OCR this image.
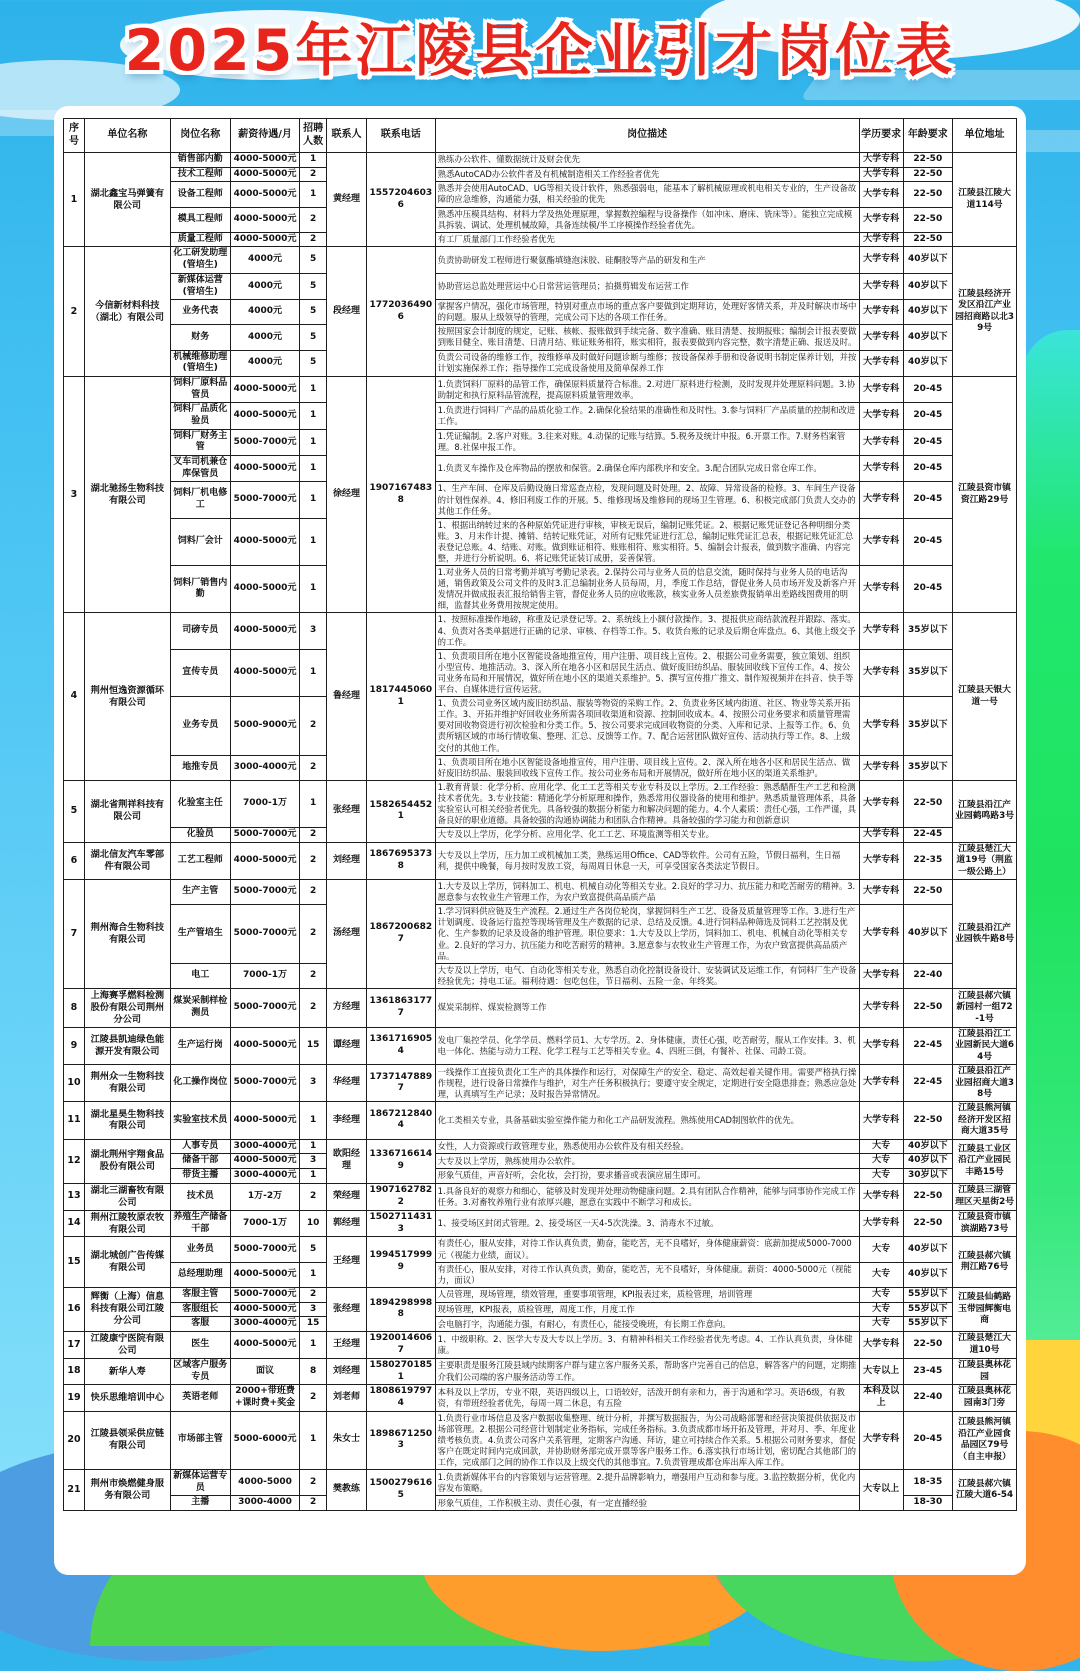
2025年江陵县企业引才岗位表
序号	单位名称	岗位名称	薪资待遇/月	招聘人数	联系人	联系电话	岗位描述	学历要求	年龄要求	单位地址
1	湖北鑫宝马弹簧有限公司	销售部内勤	4000-5000元	1	黄经理	15572046036	熟练办公软件、懂数据统计及财会优先	大学专科	22-50	江陵县江陵大道114号
		技术工程师	4000-5000元	2			熟悉AutoCAD办公软件者及有机械制造相关工作经验者优先	大学专科	22-50	
		设备工程师	4000-5000元	1			熟悉并会使用AutoCAD、UG等相关设计软件，熟悉强弱电，能基本了解机械原理或机电相关专业的，生产设备故障的应急维修，沟通能力强，相关经验的优先	大学专科	22-50	
		模具工程师	4000-5000元	2			熟悉冲压模具结构、材料力学及热处理原理，掌握数控编程与设备操作（如冲床、磨床、铣床等）。能独立完成模具拆装、调试、处理机械故障，具备连续模/半工序模操作经验者优先。	大学专科	22-50	
		质量工程师	4000-5000元	2			有工厂质量部门工作经验者优先	大学专科	22-50	
2	今信新材料科技（湖北）有限公司	化工研发助理(管培生)	4000元	5	段经理	17720364906	负责协助研发工程师进行聚氨酯填缝泡沫胶、硅酮胶等产品的研发和生产	大学专科	40岁以下	江陵县经济开发区沿江产业园招商路以北39号
		新媒体运营(管培生)	4000元	5			协助营运总监处理营运中心日常营运管理员；拍摄剪辑发布运营工作	大学专科	40岁以下	
		业务代表	4000元	5			掌握客户情况，强化市场管理，特别对重点市场的重点客户要做到定期拜访，处理好客情关系，并及时解决市场中的问题。服从上级领导的管理，完成公司下达的各项工作任务。	大学专科	40岁以下	
		财务	4000元	5			按照国家会计制度的规定，记账、核帐、报账做到手续完备、数字准确、账目清楚、按期报账；编制会计报表要做到账目健全、账目清楚、日清月结、账证账务相符，账实相符，报表要做到内容完整，数字清楚正确、报送及时。	大学专科	40岁以下	
		机械维修助理(管培生)	4000元	5			负责公司设备的维修工作，按维修单及时做好问题诊断与维修；按设备保养手册和设备说明书制定保养计划，并按计划实施保养工作；指导操作工完成设备使用及简单保养工作	大学专科	40岁以下	
3	湖北驰扬生物科技有限公司	饲料厂原料品管员	4000-5000元	1	徐经理	19071674838	1.负责饲料厂原料的品管工作，确保原料质量符合标准。2.对进厂原料进行检测，及时发现并处理原料问题。3.协助制定和执行原料品管流程，提高原料质量管理效率。	大学专科	20-45	江陵县资市镇资江路29号
		饲料厂品质化验员	4000-5000元	1			1.负责进行饲料厂产品的品质化验工作。2.确保化验结果的准确性和及时性。3.参与饲料厂产品质量的控制和改进工作。	大学专科	20-45	
		饲料厂财务主管	5000-7000元	1			1.凭证编制。2.客户对账。3.往来对账。4.动保的记账与结算。5.税务及统计申报。6.开票工作。7.财务档案管理。8.社保申报工作。	大学专科	20-45	
		叉车司机兼仓库保管员	4000-5000元	1			1.负责叉车操作及仓库物品的摆放和保管。2.确保仓库内部秩序和安全。3.配合团队完成日常仓库工作。	大学专科	20-45	
		饲料厂机电修工	5000-7000元	1			1、生产车间、仓库及后勤设施日常巡查点检，发现问题及时处理。2、故障、异常设备的检修。3、车间生产设备的计划性保养。4、修旧利废工作的开展。5、维修现场及维修间的现场卫生管理。6、积极完成部门负责人交办的其他工作任务。	大学专科	20-45	
		饲料厂会计	4000-5000元	1			1、根据出纳转过来的各种原始凭证进行审核，审核无误后，编制记账凭证。2、根据记账凭证登记各种明细分类账。3、月末作计提、摊销、结转记账凭证，对所有记账凭证进行汇总，编制记账凭证汇总表，根据记账凭证汇总表登记总账。4、结账、对账。做到账证相符、账账相符、账实相符。5、编制会计报表，做到数字准确、内容完整，并进行分析说明。6、将记账凭证装订成册，妥善保管。	大学专科	20-45	
		饲料厂销售内勤	4000-5000元	1			1.对业务人员的日常考勤并填写考勤记录表。2.保持公司与业务人员的信息交流，随时保持与业务人员的电话沟通，销售政策及公司文件的及时3.汇总编制业务人员每周，月，季度工作总结，督促业务人员市场开发及新客户开发情况并做成报表汇报给销售主管，督促业务人员的应收账款，核实业务人员差旅费报销单出差路线图费用的明细，监督其业务费用按规定使用。	大学专科	20-45	
4	荆州恒逸资源循环有限公司	司磅专员	4000-5000元	3	鲁经理	18174450601	1、按照标准操作地磅，称重及记录登记等。2、系统线上小额付款操作。3、提报供应商结款流程并跟踪、落实。4、负责对各类单据进行正确的记录、审核、存档等工作。5、收货台账的记录及后期仓库盘点。6、其他上级交予的工作。	大学专科	35岁以下	江陵县天银大道一号
		宣传专员	4000-5000元	1			1、负责项目所在地小区智能设备地推宣传，用户注册、项目线上宣传。2、根据公司业务需要，独立策划、组织小型宣传、地推活动。3、深入所在地各小区和居民生活点、做好废旧纺织品、服装回收线下宣传工作。4、按公司业务布局和开展情况，做好所在地小区的渠道关系维护。5、撰写宣传推广推文、制作短视频并在抖音、快手等平台、自媒体进行宣传运营。	大学专科	35岁以下	
		业务专员	5000-9000元	2			1、负责公司业务区域内废旧纺织品、服装等物资的采购工作。2、负责业务区域内街道、社区、物业等关系开拓工作。3、开拓并维护好回收业务所需各项回收渠道和资源、控制回收成本。4、按照公司业务要求和质量管理需要对回收物资进行初次检验和分类工作。5、按公司要求完成回收物资的分类、入库和记录、上报等工作。6、负责所辖区域的市场行情收集、整理、汇总、反馈等工作。7、配合运营团队做好宣传、活动执行等工作。8、上级交付的其他工作。	大学专科	35岁以下	
		地推专员	3000-4000元	2			1、负责项目所在地小区智能设备地推宣传，用户注册、项目线上宣传。2、深入所在地各小区和居民生活点、做好废旧纺织品、服装回收线下宣传工作。按公司业务布局和开展情况，做好所在地小区的渠道关系维护。	大学专科	35岁以下	
5	湖北省荆祥科技有限公司	化验室主任	7000-1万	1	张经理	15826544521	1.教育背景：化学分析、应用化学、化工工艺等相关专业专科及以上学历。2.工作经验：熟悉醋酐生产工艺和检测技术者优先。3.专业技能：精通化学分析原理和操作，熟悉常用仪器设备的使用和维护。熟悉质量管理体系，具备实验室认可相关经验者优先。具备较强的数据分析能力和解决问题的能力。4.个人素质：责任心强，工作严谨，具备良好的职业道德。具备较强的沟通协调能力和团队合作精神。具备较强的学习能力和创新意识	大学专科	22-50	江陵县沿江产业园鹤鸣路3号
		化验员	5000-7000元	2			大专及以上学历，化学分析、应用化学、化工工艺、环境监测等相关专业。	大学专科	22-45	
6	湖北信友汽车零部件有限公司	工艺工程师	4000-5000元	2	刘经理	18676953738	大专及以上学历，压力加工或机械加工类，熟练运用Office、CAD等软件。公司有五险，节假日福利，生日福利，提供中晚餐，每月按时发放工资，每周周日休息一天，可享受国家各类法定节假日。	大学专科	22-35	江陵县楚江大道19号（荆监一级公路上）
7	荆州海合生物科技有限公司	生产主管	5000-7000元	2	汤经理	18672006827	1.大专及以上学历，饲料加工、机电、机械自动化等相关专业。2.良好的学习力、抗压能力和吃苦耐劳的精神。3.愿意参与农牧业生产管理工作，为农户致富提供高品质产品	大学专科	22-50	江陵县沿江产业园铁牛路8号
		生产管培生	5000-7000元	2			1.学习饲料供应链及生产流程。2.通过生产各岗位轮岗，掌握饲料生产工艺、设备及质量管理等工作。3.进行生产计划调度、设备运行监控等现场管理及生产数据的记录、总结及反馈。4.进行饲料品种筛选及饲料工艺控制及优化、生产参数的记录及设备的维护管理。职位要求：1.大专及以上学历，饲料加工、机电、机械自动化等相关专业。2.良好的学习力、抗压能力和吃苦耐劳的精神。3.愿意参与农牧业生产管理工作，为农户致富提供高品质产品。	大学专科	40岁以下	
		电工	7000-1万	2			大专及以上学历，电气、自动化等相关专业，熟悉自动化控制设备设计、安装调试及运维工作，有饲料厂生产设备经验优先；持电工证。福利待遇：包吃包住，节日福利、五险一金、年终奖。	大学专科	22-40	
8	上海赛孚燃料检测股份有限公司荆州分公司	煤炭采制样检测员	5000-7000元	2	方经理	13618631777	煤炭采制样、煤炭检测等工作	大学专科	22-50	江陵县郝穴镇新园村一组72-1号
9	江陵县凯迪绿色能源开发有限公司	生产运行岗	4000-5000元	15	谭经理	13617169054	发电厂集控学员、化学学员、燃料学员1、大专学历。2、身体健康，责任心强，吃苦耐劳，服从工作安排。3、机电一体化、热能与动力工程、化学工程与工艺等相关专业。4、四班三倒，有餐补、社保、司龄工资。	大学专科	22-45	江陵县沿江工业园新民大道64号
10	荆州众一生物科技有限公司	化工操作岗位	5000-7000元	3	华经理	17371478897	一线操作工直接负责化工生产的具体操作和运行，对保障生产的安全、稳定、高效起着关键作用。需要严格执行操作规程，进行设备日常操作与维护，对生产任务积极执行；要遵守安全规定，定期进行安全隐患排查；熟悉应急处理，认真填写生产记录；及时报告异常情况。	大学专科	22-45	江陵县沿江产业园招商大道38号
11	湖北星昊生物科技有限公司	实验室技术员	4000-5000元	1	李经理	18672128404	化工类相关专业，具备基础实验室操作能力和化工产品研发流程。熟练使用CAD制图软件的优先。	大学专科	22-50	江陵县熊河镇经济开发区招商大道35号
12	湖北荆州宇翔食品股份有限公司	人事专员	3000-4000元	1	欧阳经理	13367166149	女性，人力资源或行政管理专业，熟悉使用办公软件及有相关经验。	大专	40岁以下	江陵县工业区沿江产业园民丰路15号
		储备干部	4000-5000元	3			大专及以上学历，熟练使用办公软件。	大专	40岁以下	
		带货主播	3000-4000元	1			形象气质佳，声音好听，会化妆，会打扮，要求播音或表演应届生即可。	大专	30岁以下	
13	湖北三湖畜牧有限公司	技术员	1万-2万	2	荣经理	19071627822	1.具备良好的观察力和细心，能够及时发现并处理动物健康问题。2.具有团队合作精神，能够与同事协作完成工作任务。3.对畜牧养殖行业有浓厚兴趣，愿意在实践中不断学习和成长。	大学专科	22-50	江陵县三湖管理区天星街2号
14	荆州江陵牧原农牧有限公司	养殖生产储备干部	7000-1万	10	郭经理	15027114313	1、接受场区封闭式管理。2、接受场区一天4-5次洗澡。3、消毒水不过敏。	大学专科	22-50	江陵县资市镇滨湖路73号
15	湖北城创广告传媒有限公司	业务员	5000-7000元	5	王经理	19945179999	有责任心，服从安排，对待工作认真负责，勤奋，能吃苦，无不良嗜好，身体健康薪资：底薪加提成5000-7000元（视能力业绩，面议）。	大专	40岁以下	江陵县郝穴镇荆江路76号
		总经理助理	4000-5000元	1			有责任心，服从安排，对待工作认真负责，勤奋，能吃苦，无不良嗜好，身体健康。薪资：4000-5000元（视能力，面议）	大专	40岁以下	
16	辉衡（上海）信息科技有限公司江陵分公司	客服主管	5000-7000元	2	张经理	18942989988	人员管理，现场管理，绩效管理，重要事项管理，KPI报表过来，质检管理，培训管理	大专	55岁以下	江陵县仙鹤路玉带园辉衡电商
		客服组长	4000-5000元	3			现场管理，KPI报表，质检管理，周度工作，月度工作	大专	55岁以下	
		客服	3000-4000元	15			会电脑打字，沟通能力强，有耐心，有责任心，能接受晚班，有长期工作意向。	大专	55岁以下	
17	江陵康宁医院有限公司	医生	4000-5000元	1	王经理	19200146067	1、中级职称。2、医学大专及大专以上学历。3、有精神科相关工作经验者优先考虑。4、工作认真负责，身体健康。	大学专科	22-50	江陵县楚江大道10号
18	新华人寿	区域客户服务专员	面议	8	刘经理	15802701851	主要职责是服务江陵县域内续期客户群与建立客户服务关系，帮助客户完善自己的信息，解答客户的问题，定期推介我们公司端的客户服务活动等工作。	大专以上	23-45	江陵县奥林花园
19	快乐思维培训中心	英语老师	2000+带班费+课时费+奖金	2	刘老师	18086197974	本科及以上学历，专业不限，英语四级以上，口语较好，活泼开朗有亲和力，善于沟通和学习。英语6级，有教资，有带班经验者优先，每周一周二休息，有五险	本科及以上	22-40	江陵县奥林花园南3门旁
20	江陵县领采供应链有限公司	市场部主管	5000-6000元	1	朱女士	18986712503	1.负责行业市场信息及客户数据收集整理、统计分析，并撰写数据报告，为公司战略部署和经营决策提供依据及市场部管理。2.根据公司经营计划制定业务指标，完成任务指标。3.负责成都市场开拓及管理，并对月、季、年度业绩考核负责。4.负责公司客户关系管理，定期客户沟通、拜访，建立可持续合作关系。5.根据公司财务要求，督促客户在既定时间内完成回款，并协助财务部完成开票等客户服务工作。6.落实执行市场计划，密切配合其他部门的工作，完成部门之间的协作工作以及上级交代的其他事宜。7.负责管理成都仓库出库入库工作。	大学专科	20-45	江陵县熊河镇沿江产业园食品园区79号（自主申报）
21	荆州市焕燃健身服务有限公司	新媒体运营专员	4000-5000	2	樊教练	15002796165	1.负责新媒体平台的内容策划与运营管理。2.提升品牌影响力，增强用户互动和参与度。3.监控数据分析，优化内容发布策略。	大专以上	18-35	江陵县郝穴镇江陵大道6-54
		主播	3000-4000	2			形象气质佳，工作积极主动、责任心强，有一定直播经验		18-30	
